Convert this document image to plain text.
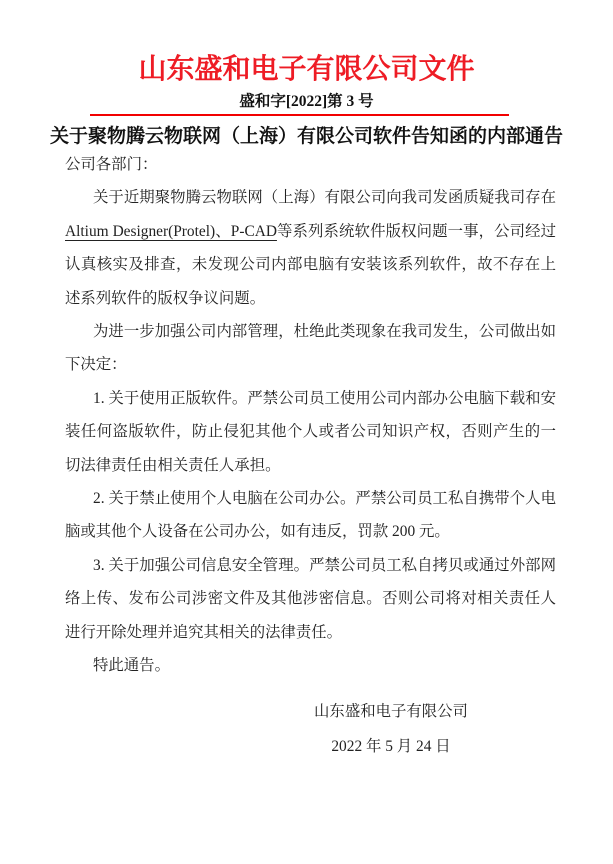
山东盛和电子有限公司文件
盛和字[2022]第 3 号
关于聚物腾云物联网（上海）有限公司软件告知函的内部通告

公司各部门：

关于近期聚物腾云物联网（上海）有限公司向我司发函质疑我司存在Altium Designer(Protel)、P-CAD等系列系统软件版权问题一事，公司经过认真核实及排查，未发现公司内部电脑有安装该系列软件，故不存在上述系列软件的版权争议问题。

为进一步加强公司内部管理，杜绝此类现象在我司发生，公司做出如下决定：

1. 关于使用正版软件。严禁公司员工使用公司内部办公电脑下载和安装任何盗版软件，防止侵犯其他个人或者公司知识产权，否则产生的一切法律责任由相关责任人承担。

2. 关于禁止使用个人电脑在公司办公。严禁公司员工私自携带个人电脑或其他个人设备在公司办公，如有违反，罚款 200 元。

3. 关于加强公司信息安全管理。严禁公司员工私自拷贝或通过外部网络上传、发布公司涉密文件及其他涉密信息。否则公司将对相关责任人进行开除处理并追究其相关的法律责任。

特此通告。

山东盛和电子有限公司
2022 年 5 月 24 日
